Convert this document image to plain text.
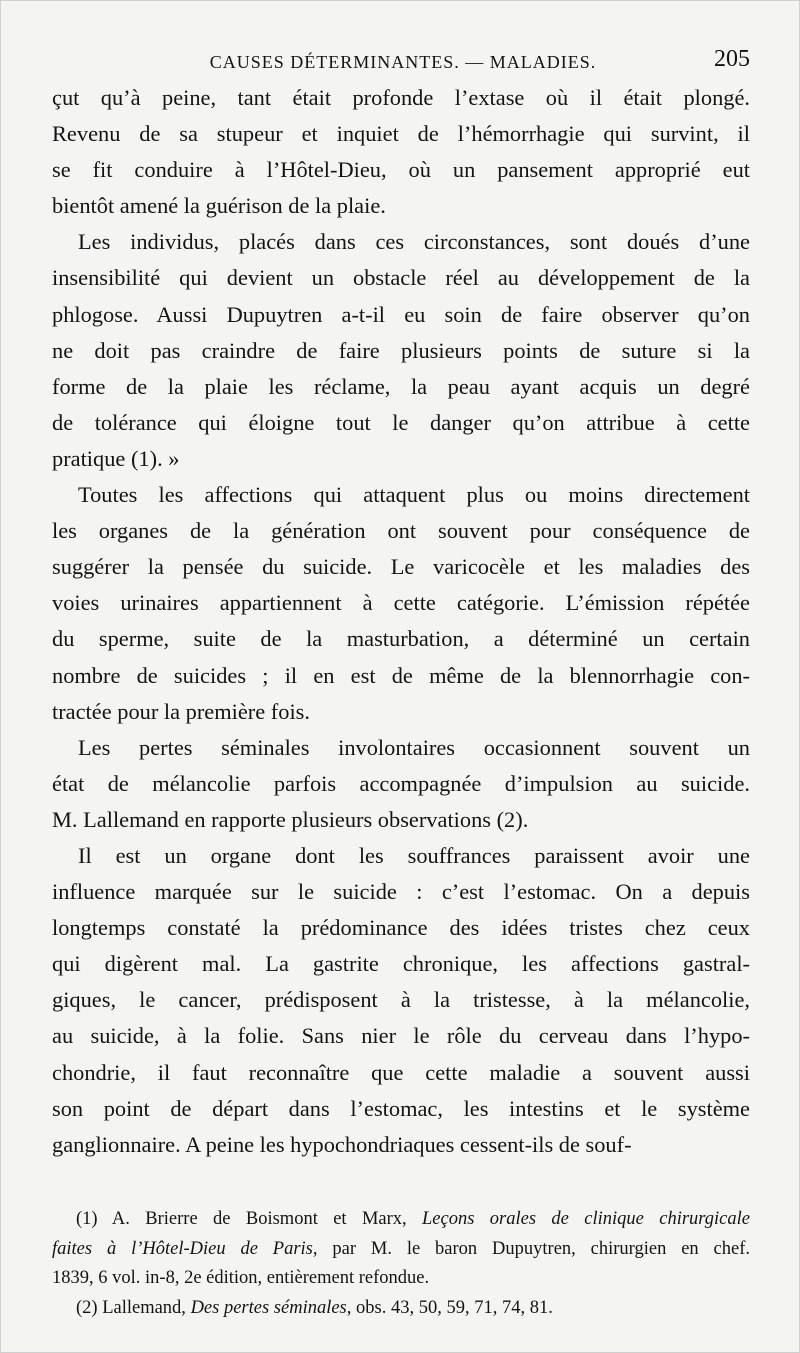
CAUSES DÉTERMINANTES. — MALADIES.	205
çut qu’à peine, tant était profonde l’extase où il était plongé.
Revenu de sa stupeur et inquiet de l’hémorrhagie qui survint, il
se fit conduire à l’Hôtel-Dieu, où un pansement approprié eut
bientôt amené la guérison de la plaie.
Les individus, placés dans ces circonstances, sont doués d’une
insensibilité qui devient un obstacle réel au développement de la
phlogose. Aussi Dupuytren a-t-il eu soin de faire observer qu’on
ne doit pas craindre de faire plusieurs points de suture si la
forme de la plaie les réclame, la peau ayant acquis un degré
de tolérance qui éloigne tout le danger qu’on attribue à cette
pratique (1). »
Toutes les affections qui attaquent plus ou moins directement
les organes de la génération ont souvent pour conséquence de
suggérer la pensée du suicide. Le varicocèle et les maladies des
voies urinaires appartiennent à cette catégorie. L’émission répétée
du sperme, suite de la masturbation, a déterminé un certain
nombre de suicides ; il en est de même de la blennorrhagie con-
tractée pour la première fois.
Les pertes séminales involontaires occasionnent souvent un
état de mélancolie parfois accompagnée d’impulsion au suicide.
M. Lallemand en rapporte plusieurs observations (2).
Il est un organe dont les souffrances paraissent avoir une
influence marquée sur le suicide : c’est l’estomac. On a depuis
longtemps constaté la prédominance des idées tristes chez ceux
qui digèrent mal. La gastrite chronique, les affections gastral-
giques, le cancer, prédisposent à la tristesse, à la mélancolie,
au suicide, à la folie. Sans nier le rôle du cerveau dans l’hypo-
chondrie, il faut reconnaître que cette maladie a souvent aussi
son point de départ dans l’estomac, les intestins et le système
ganglionnaire. A peine les hypochondriaques cessent-ils de souf-
(1) A. Brierre de Boismont et Marx, Leçons orales de clinique chirurgicale
faites à l’Hôtel-Dieu de Paris, par M. le baron Dupuytren, chirurgien en chef.
1839, 6 vol. in-8, 2e édition, entièrement refondue.
(2) Lallemand, Des pertes séminales, obs. 43, 50, 59, 71, 74, 81.
